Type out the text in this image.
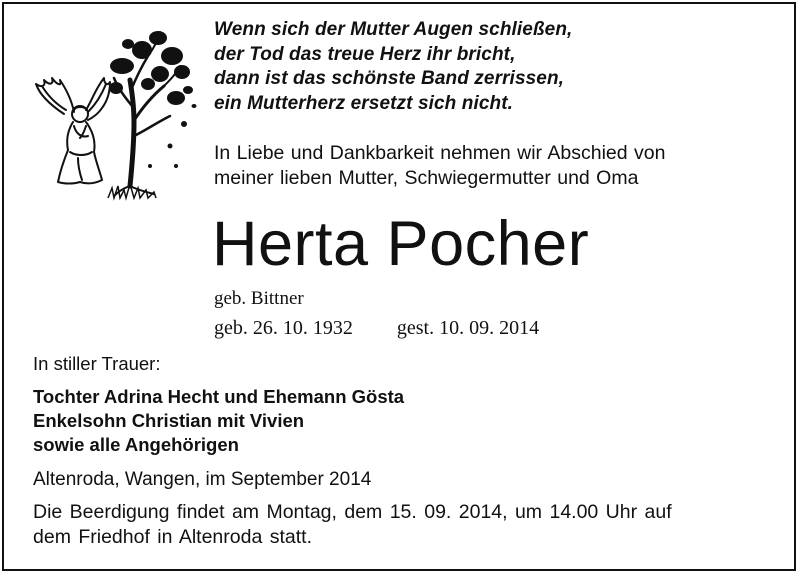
Wenn sich der Mutter Augen schließen,
der Tod das treue Herz ihr bricht,
dann ist das schönste Band zerrissen,
ein Mutterherz ersetzt sich nicht.
In Liebe und Dankbarkeit nehmen wir Abschied von
meiner lieben Mutter, Schwiegermutter und Oma
Herta Pocher
geb. Bittner
geb. 26. 10. 1932 gest. 10. 09. 2014
In stiller Trauer:
Tochter Adrina Hecht und Ehemann Gösta
Enkelsohn Christian mit Vivien
sowie alle Angehörigen
Altenroda, Wangen, im September 2014
Die Beerdigung findet am Montag, dem 15. 09. 2014, um 14.00 Uhr auf
dem Friedhof in Altenroda statt.
